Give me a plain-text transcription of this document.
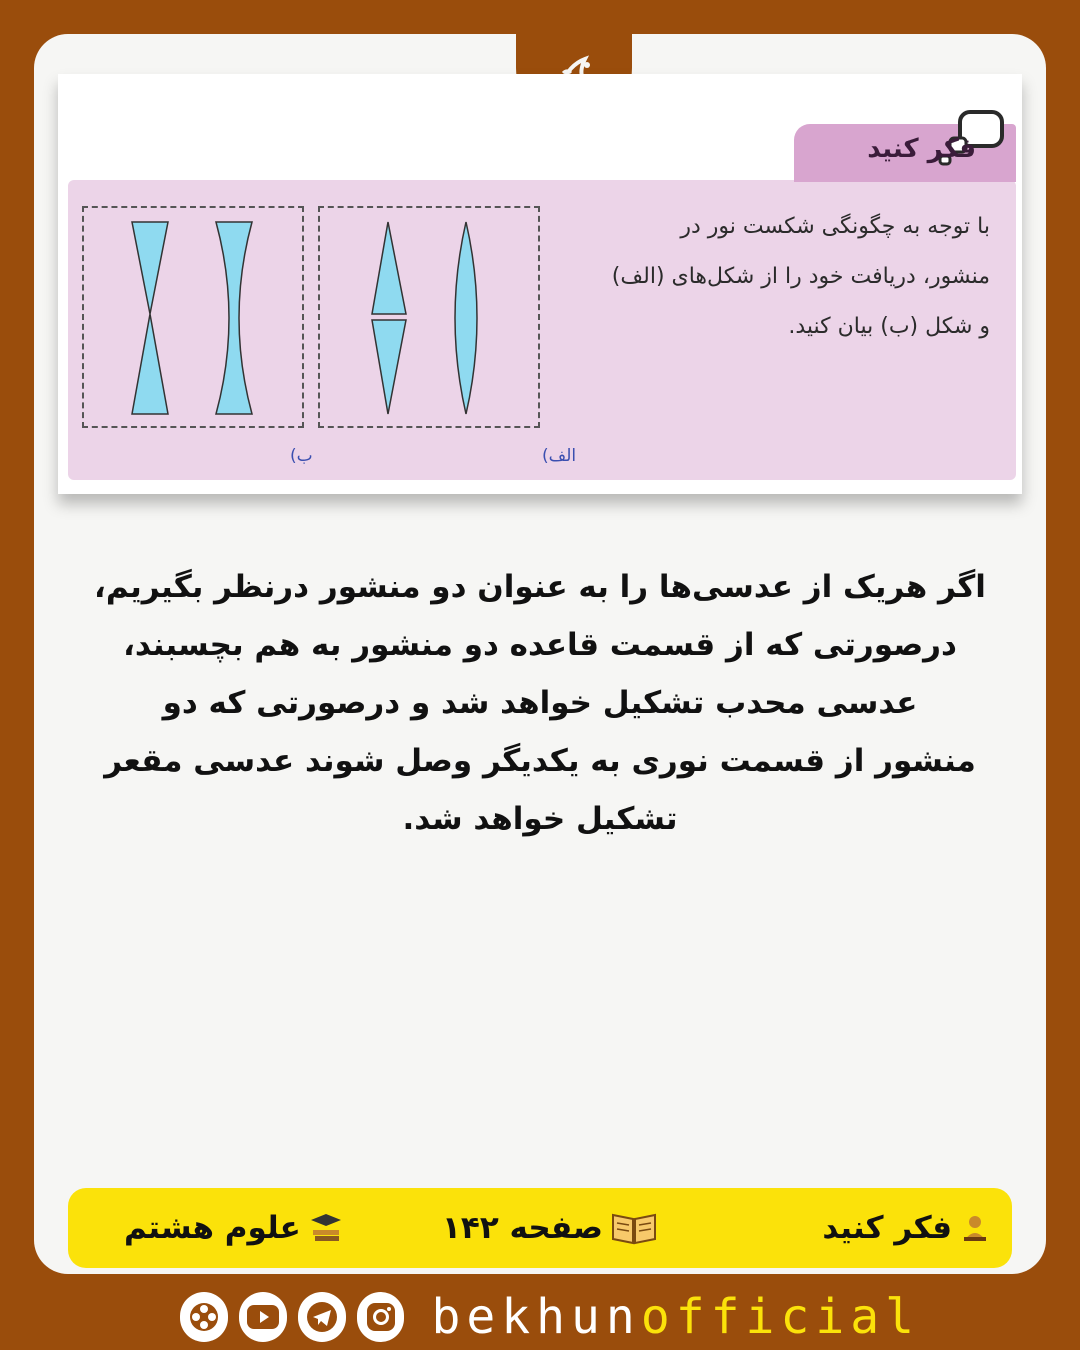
با توجه به چگونگی شکست نور در
منشور، دریافت خود را از شکل‌های (الف)
و شکل (ب) بیان کنید.
الف)
ب)
فکر کنید
اگر هریک از عدسی‌ها را به عنوان دو منشور درنظر بگیریم،
درصورتی که از قسمت قاعده دو منشور به هم بچسبند،
عدسی محدب تشکیل خواهد شد و درصورتی که دو
منشور از قسمت نوری به یکدیگر وصل شوند عدسی مقعر
تشکیل خواهد شد.
فکر کنید
صفحه ۱۴۲
علوم هشتم
bekhunofficial
